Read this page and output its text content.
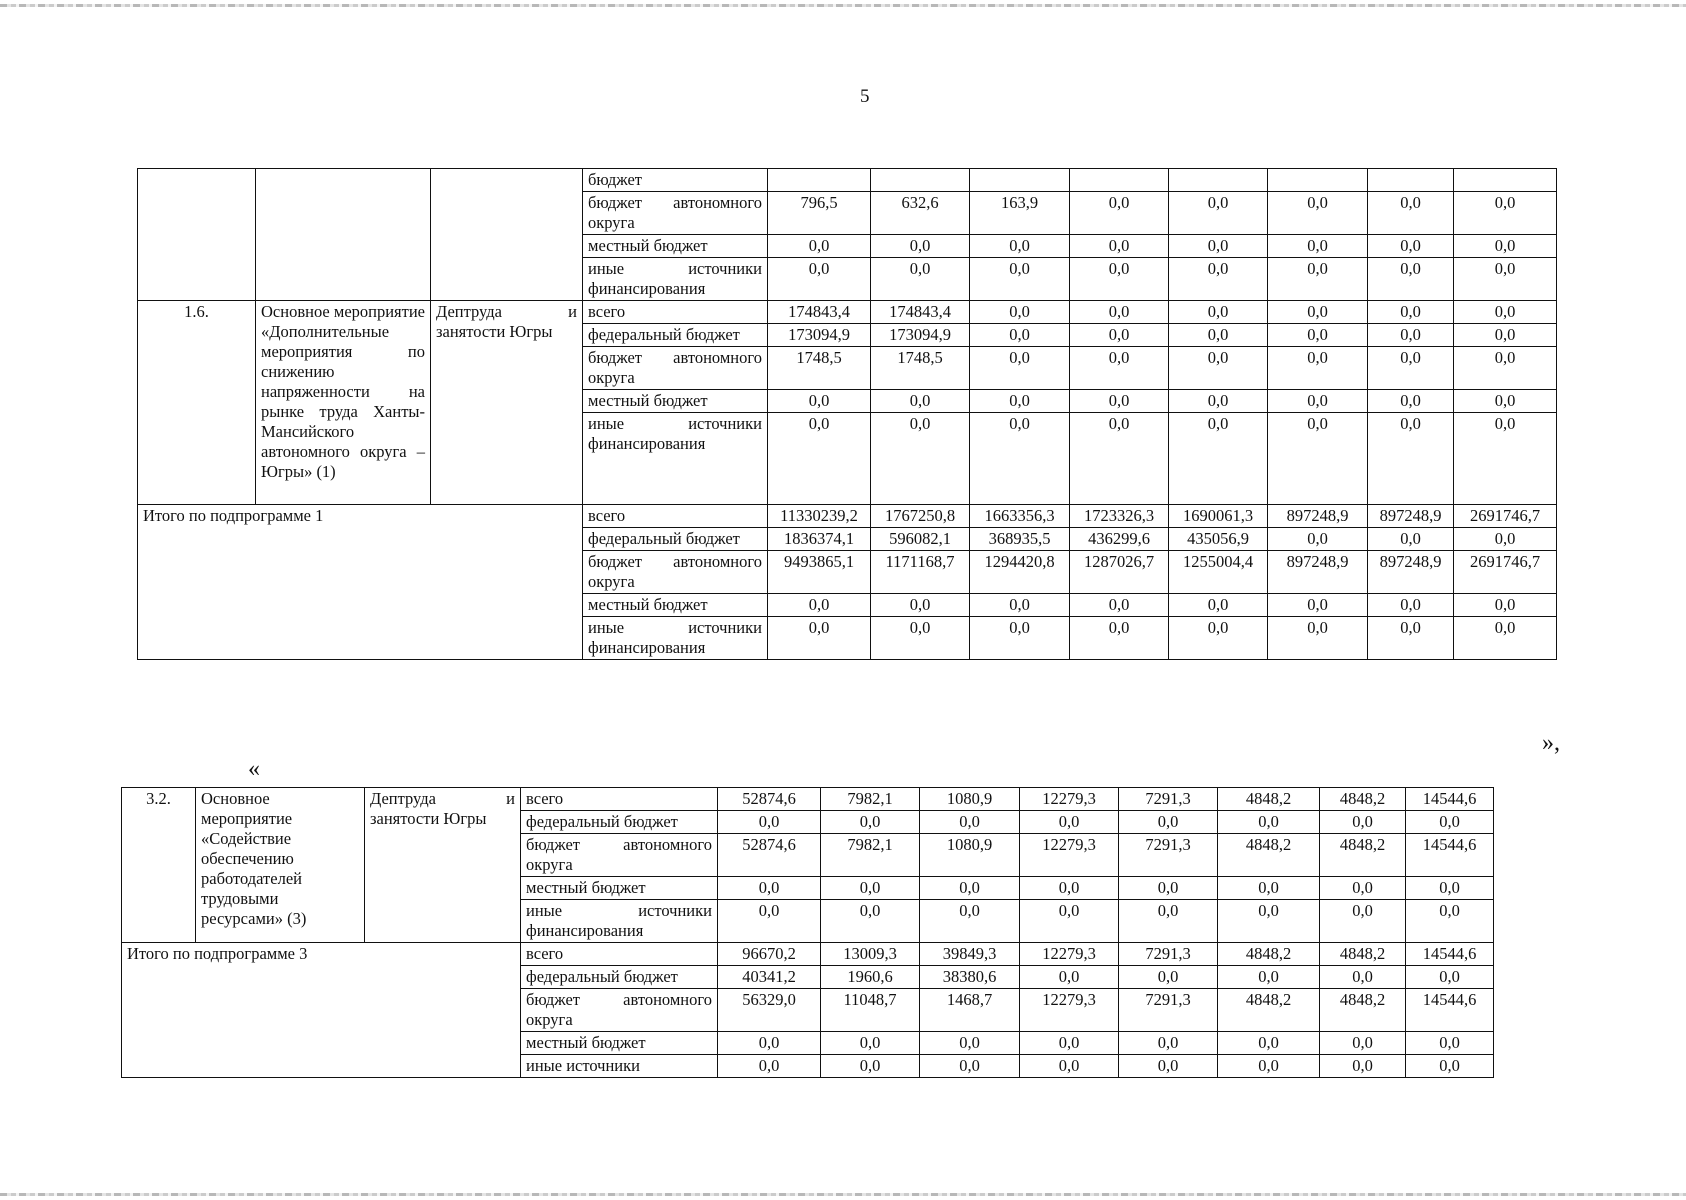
5
			бюджет								
			бюджет автономного округа	796,5	632,6	163,9	0,0	0,0	0,0	0,0	0,0
			местный бюджет	0,0	0,0	0,0	0,0	0,0	0,0	0,0	0,0
			иные источники финансирования	0,0	0,0	0,0	0,0	0,0	0,0	0,0	0,0
1.6.	Основное мероприятие «Дополнительные мероприятия по снижению напряженности на рынке труда Ханты-Мансийского автономного округа – Югры» (1)	Дептруда и занятости Югры	всего	174843,4	174843,4	0,0	0,0	0,0	0,0	0,0	0,0
			федеральный бюджет	173094,9	173094,9	0,0	0,0	0,0	0,0	0,0	0,0
			бюджет автономного округа	1748,5	1748,5	0,0	0,0	0,0	0,0	0,0	0,0
			местный бюджет	0,0	0,0	0,0	0,0	0,0	0,0	0,0	0,0
			иные источники финансирования	0,0	0,0	0,0	0,0	0,0	0,0	0,0	0,0
Итого по подпрограмме 1			всего	11330239,2	1767250,8	1663356,3	1723326,3	1690061,3	897248,9	897248,9	2691746,7
			федеральный бюджет	1836374,1	596082,1	368935,5	436299,6	435056,9	0,0	0,0	0,0
			бюджет автономного округа	9493865,1	1171168,7	1294420,8	1287026,7	1255004,4	897248,9	897248,9	2691746,7
			местный бюджет	0,0	0,0	0,0	0,0	0,0	0,0	0,0	0,0
			иные источники финансирования	0,0	0,0	0,0	0,0	0,0	0,0	0,0	0,0
»,
«
3.2.	Основное мероприятие «Содействие обеспечению работодателей трудовыми ресурсами» (3)	Дептруда и занятости Югры	всего	52874,6	7982,1	1080,9	12279,3	7291,3	4848,2	4848,2	14544,6
			федеральный бюджет	0,0	0,0	0,0	0,0	0,0	0,0	0,0	0,0
			бюджет автономного округа	52874,6	7982,1	1080,9	12279,3	7291,3	4848,2	4848,2	14544,6
			местный бюджет	0,0	0,0	0,0	0,0	0,0	0,0	0,0	0,0
			иные источники финансирования	0,0	0,0	0,0	0,0	0,0	0,0	0,0	0,0
Итого по подпрограмме 3			всего	96670,2	13009,3	39849,3	12279,3	7291,3	4848,2	4848,2	14544,6
			федеральный бюджет	40341,2	1960,6	38380,6	0,0	0,0	0,0	0,0	0,0
			бюджет автономного округа	56329,0	11048,7	1468,7	12279,3	7291,3	4848,2	4848,2	14544,6
			местный бюджет	0,0	0,0	0,0	0,0	0,0	0,0	0,0	0,0
			иные источники	0,0	0,0	0,0	0,0	0,0	0,0	0,0	0,0
